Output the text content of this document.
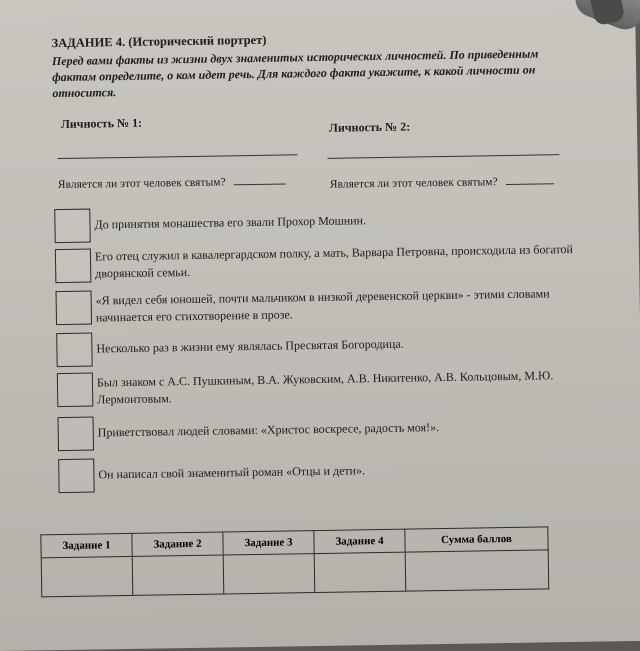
ЗАДАНИЕ 4. (Исторический портрет)
Перед вами факты из жизни двух знаменитых исторических личностей. По приведенным фактам определите, о ком идет речь. Для каждого факта укажите, к какой личности он относится.
Личность № 1:	Личность № 2:
Является ли этот человек святым?	Является ли этот человек святым?
До принятия монашества его звали Прохор Мошнин.
Его отец служил в кавалергардском полку, а мать, Варвара Петровна, происходила из богатой дворянской семьи.
«Я видел себя юношей, почти мальчиком в низкой деревенской церкви» - этими словами начинается его стихотворение в прозе.
Несколько раз в жизни ему являлась Пресвятая Богородица.
Был знаком с А.С. Пушкиным, В.А. Жуковским, А.В. Никитенко, А.В. Кольцовым, М.Ю. Лермонтовым.
Приветствовал людей словами: «Христос воскресе, радость моя!».
Он написал свой знаменитый роман «Отцы и дети».
Задание 1	Задание 2	Задание 3	Задание 4	Сумма баллов
